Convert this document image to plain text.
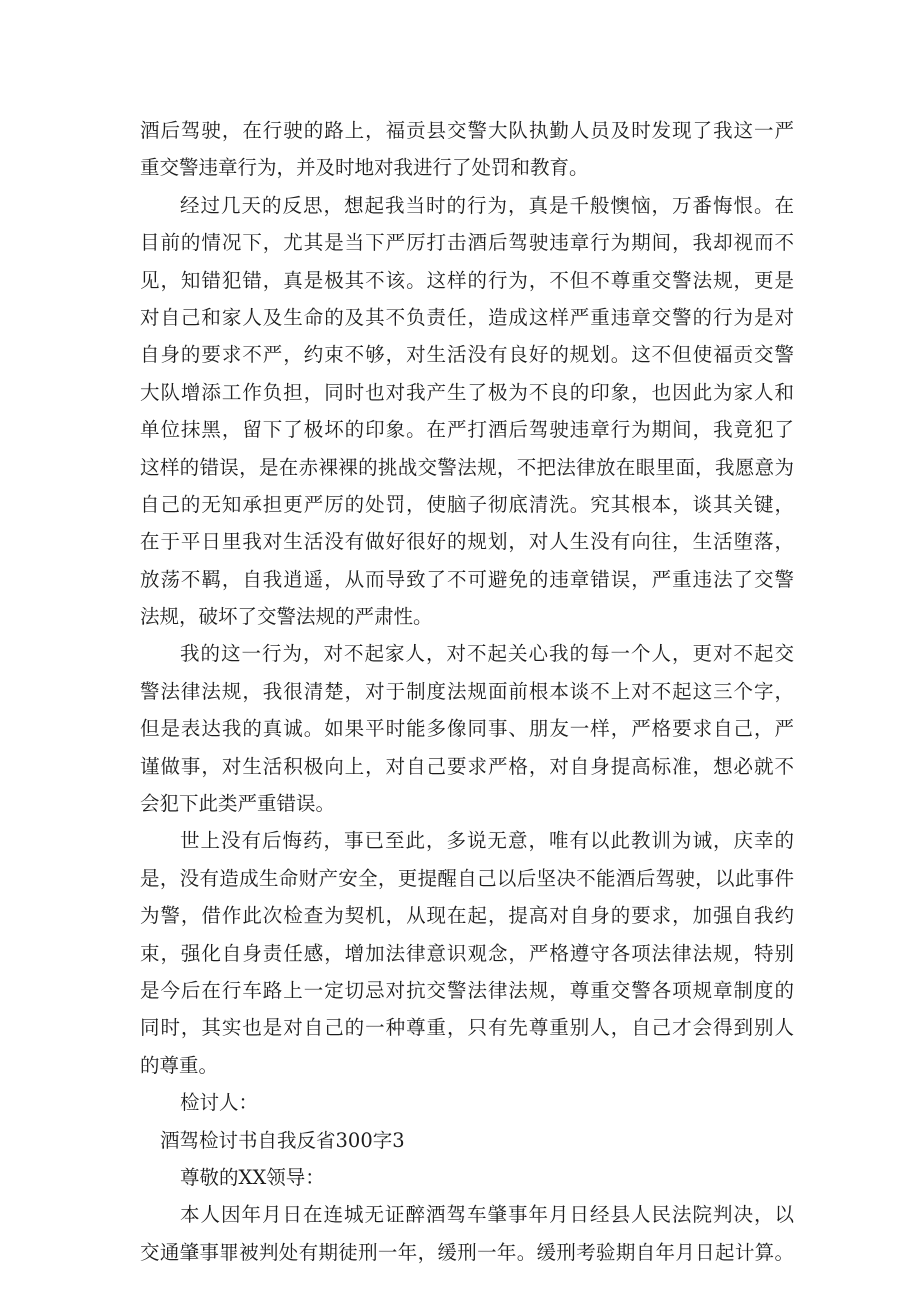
酒后驾驶，在行驶的路上，福贡县交警大队执勤人员及时发现了我这一严
重交警违章行为，并及时地对我进行了处罚和教育。
经过几天的反思，想起我当时的行为，真是千般懊恼，万番悔恨。在
目前的情况下，尤其是当下严厉打击酒后驾驶违章行为期间，我却视而不
见，知错犯错，真是极其不该。这样的行为，不但不尊重交警法规，更是
对自己和家人及生命的及其不负责任，造成这样严重违章交警的行为是对
自身的要求不严，约束不够，对生活没有良好的规划。这不但使福贡交警
大队增添工作负担，同时也对我产生了极为不良的印象，也因此为家人和
单位抹黑，留下了极坏的印象。在严打酒后驾驶违章行为期间，我竟犯了
这样的错误，是在赤裸裸的挑战交警法规，不把法律放在眼里面，我愿意为
自己的无知承担更严厉的处罚，使脑子彻底清洗。究其根本，谈其关键，
在于平日里我对生活没有做好很好的规划，对人生没有向往，生活堕落，
放荡不羁，自我逍遥，从而导致了不可避免的违章错误，严重违法了交警
法规，破坏了交警法规的严肃性。
我的这一行为，对不起家人，对不起关心我的每一个人，更对不起交
警法律法规，我很清楚，对于制度法规面前根本谈不上对不起这三个字，
但是表达我的真诚。如果平时能多像同事、朋友一样，严格要求自己，严
谨做事，对生活积极向上，对自己要求严格，对自身提高标准，想必就不
会犯下此类严重错误。
世上没有后悔药，事已至此，多说无意，唯有以此教训为诫，庆幸的
是，没有造成生命财产安全，更提醒自己以后坚决不能酒后驾驶，以此事件
为警，借作此次检查为契机，从现在起，提高对自身的要求，加强自我约
束，强化自身责任感，增加法律意识观念，严格遵守各项法律法规，特别
是今后在行车路上一定切忌对抗交警法律法规，尊重交警各项规章制度的
同时，其实也是对自己的一种尊重，只有先尊重别人，自己才会得到别人
的尊重。
检讨人：
酒驾检讨书自我反省300字3
尊敬的XX领导：
本人因年月日在连城无证醉酒驾车肇事年月日经县人民法院判决，以
交通肇事罪被判处有期徒刑一年，缓刑一年。缓刑考验期自年月日起计算。
